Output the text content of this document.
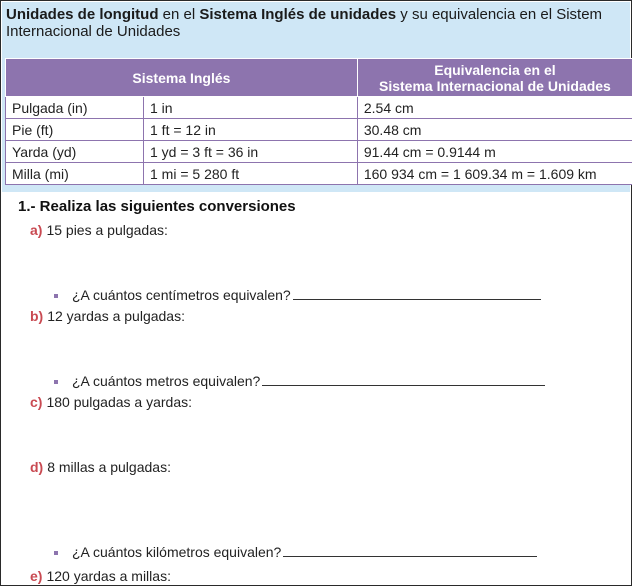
Unidades de longitud en el Sistema Inglés de unidades y su equivalencia en el Sistem
Internacional de Unidades
Sistema Inglés		Equivalencia en el
Sistema Internacional de Unidades
Pulgada (in)	1 in	2.54 cm
Pie (ft)	1 ft = 12 in	30.48 cm
Yarda (yd)	1 yd = 3 ft = 36 in	91.44 cm = 0.9144 m
Milla (mi)	1 mi = 5 280 ft	160 934 cm = 1 609.34 m = 1.609 km
1.- Realiza las siguientes conversiones
a) 15 pies a pulgadas:
¿A cuántos centímetros equivalen?
b) 12 yardas a pulgadas:
¿A cuántos metros equivalen?
c) 180 pulgadas a yardas:
d) 8 millas a pulgadas:
¿A cuántos kilómetros equivalen?
e) 120 yardas a millas:
